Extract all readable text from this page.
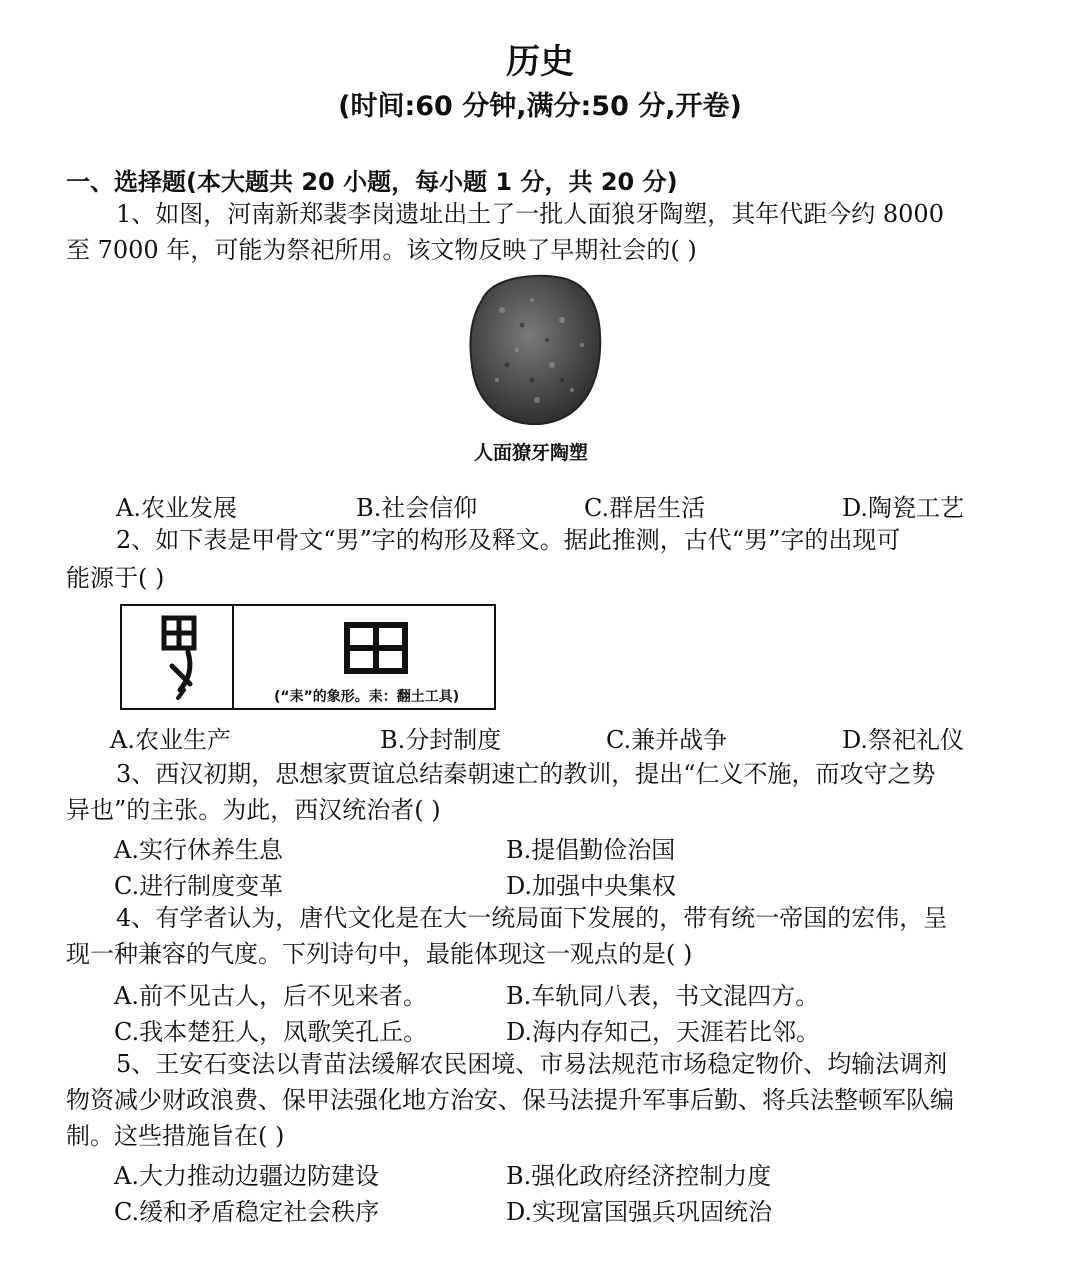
历史
(时间:60 分钟,满分:50 分,开卷)
一、选择题(本大题共 20 小题，每小题 1 分，共 20 分)
1、如图，河南新郑裴李岗遗址出土了一批人面狼牙陶塑，其年代距今约 8000
至 7000 年，可能为祭祀所用。该文物反映了早期社会的( )
人面獠牙陶塑
A.农业发展	B.社会信仰	C.群居生活	D.陶瓷工艺
2、如下表是甲骨文“男”字的构形及释文。据此推测，古代“男”字的出现可
能源于( )
(“耒”的象形。耒：翻土工具)
A.农业生产	B.分封制度	C.兼并战争	D.祭祀礼仪
3、西汉初期，思想家贾谊总结秦朝速亡的教训，提出“仁义不施，而攻守之势
异也”的主张。为此，西汉统治者( )
A.实行休养生息	B.提倡勤俭治国
C.进行制度变革	D.加强中央集权
4、有学者认为，唐代文化是在大一统局面下发展的，带有统一帝国的宏伟，呈
现一种兼容的气度。下列诗句中，最能体现这一观点的是( )
A.前不见古人，后不见来者。	B.车轨同八表，书文混四方。
C.我本楚狂人，凤歌笑孔丘。	D.海内存知己，天涯若比邻。
5、王安石变法以青苗法缓解农民困境、市易法规范市场稳定物价、均输法调剂
物资减少财政浪费、保甲法强化地方治安、保马法提升军事后勤、将兵法整顿军队编
制。这些措施旨在( )
A.大力推动边疆边防建设	B.强化政府经济控制力度
C.缓和矛盾稳定社会秩序	D.实现富国强兵巩固统治
